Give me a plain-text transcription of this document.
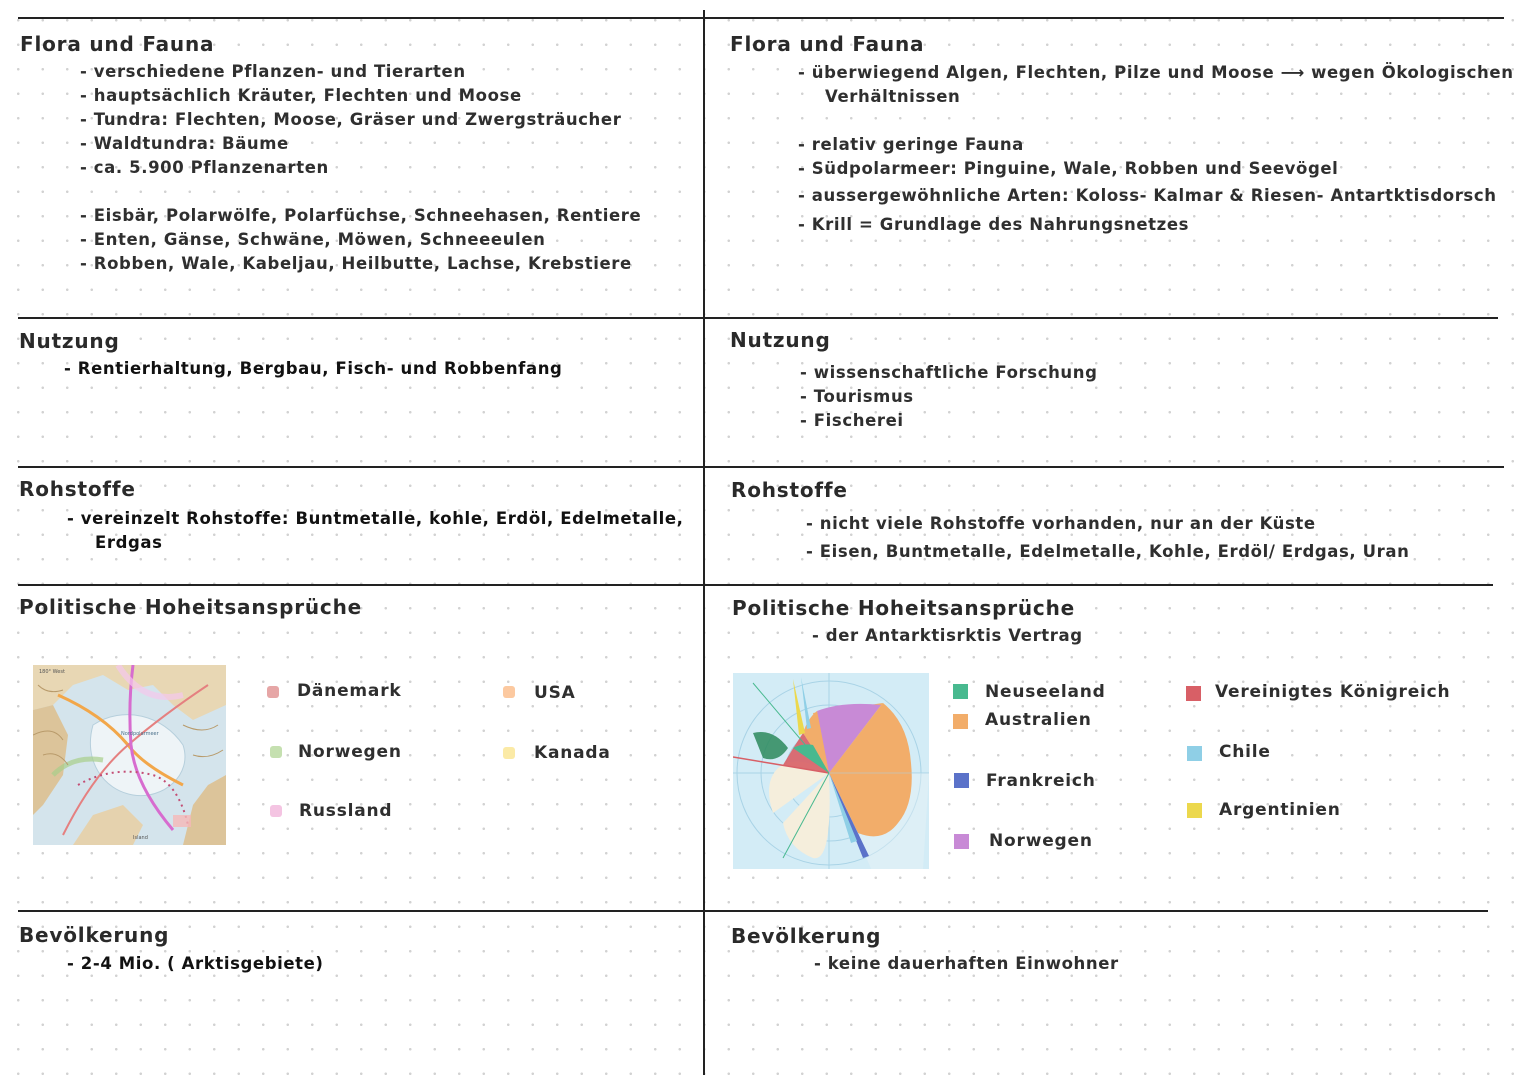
Flora und Fauna
- verschiedene Pflanzen- und Tierarten
- hauptsächlich Kräuter, Flechten und Moose
- Tundra: Flechten, Moose, Gräser und Zwergsträucher
- Waldtundra: Bäume
- ca. 5.900 Pflanzenarten
- Eisbär, Polarwölfe, Polarfüchse, Schneehasen, Rentiere
- Enten, Gänse, Schwäne, Möwen, Schneeeulen
- Robben, Wale, Kabeljau, Heilbutte, Lachse, Krebstiere
Nutzung
- Rentierhaltung, Bergbau, Fisch- und Robbenfang
Rohstoffe
- vereinzelt Rohstoffe: Buntmetalle, kohle, Erdöl, Edelmetalle,
Erdgas
Politische Hoheitsansprüche
180° West
Nordpolarmeer
Island
Dänemark	USA
Norwegen	Kanada
Russland
Bevölkerung
- 2-4 Mio. ( Arktisgebiete)
Flora und Fauna
- überwiegend Algen, Flechten, Pilze und Moose ⟶ wegen Ökologischen
Verhältnissen
- relativ geringe Fauna
- Südpolarmeer: Pinguine, Wale, Robben und Seevögel
- aussergewöhnliche Arten: Koloss- Kalmar & Riesen- Antartktisdorsch
- Krill = Grundlage des Nahrungsnetzes
Nutzung
- wissenschaftliche Forschung
- Tourismus
- Fischerei
Rohstoffe
- nicht viele Rohstoffe vorhanden, nur an der Küste
- Eisen, Buntmetalle, Edelmetalle, Kohle, Erdöl/ Erdgas, Uran
Politische Hoheitsansprüche
- der Antarktisrktis Vertrag
Neuseeland	Vereinigtes Königreich
Australien
Chile
Frankreich
Argentinien
Norwegen
Bevölkerung
- keine dauerhaften Einwohner
